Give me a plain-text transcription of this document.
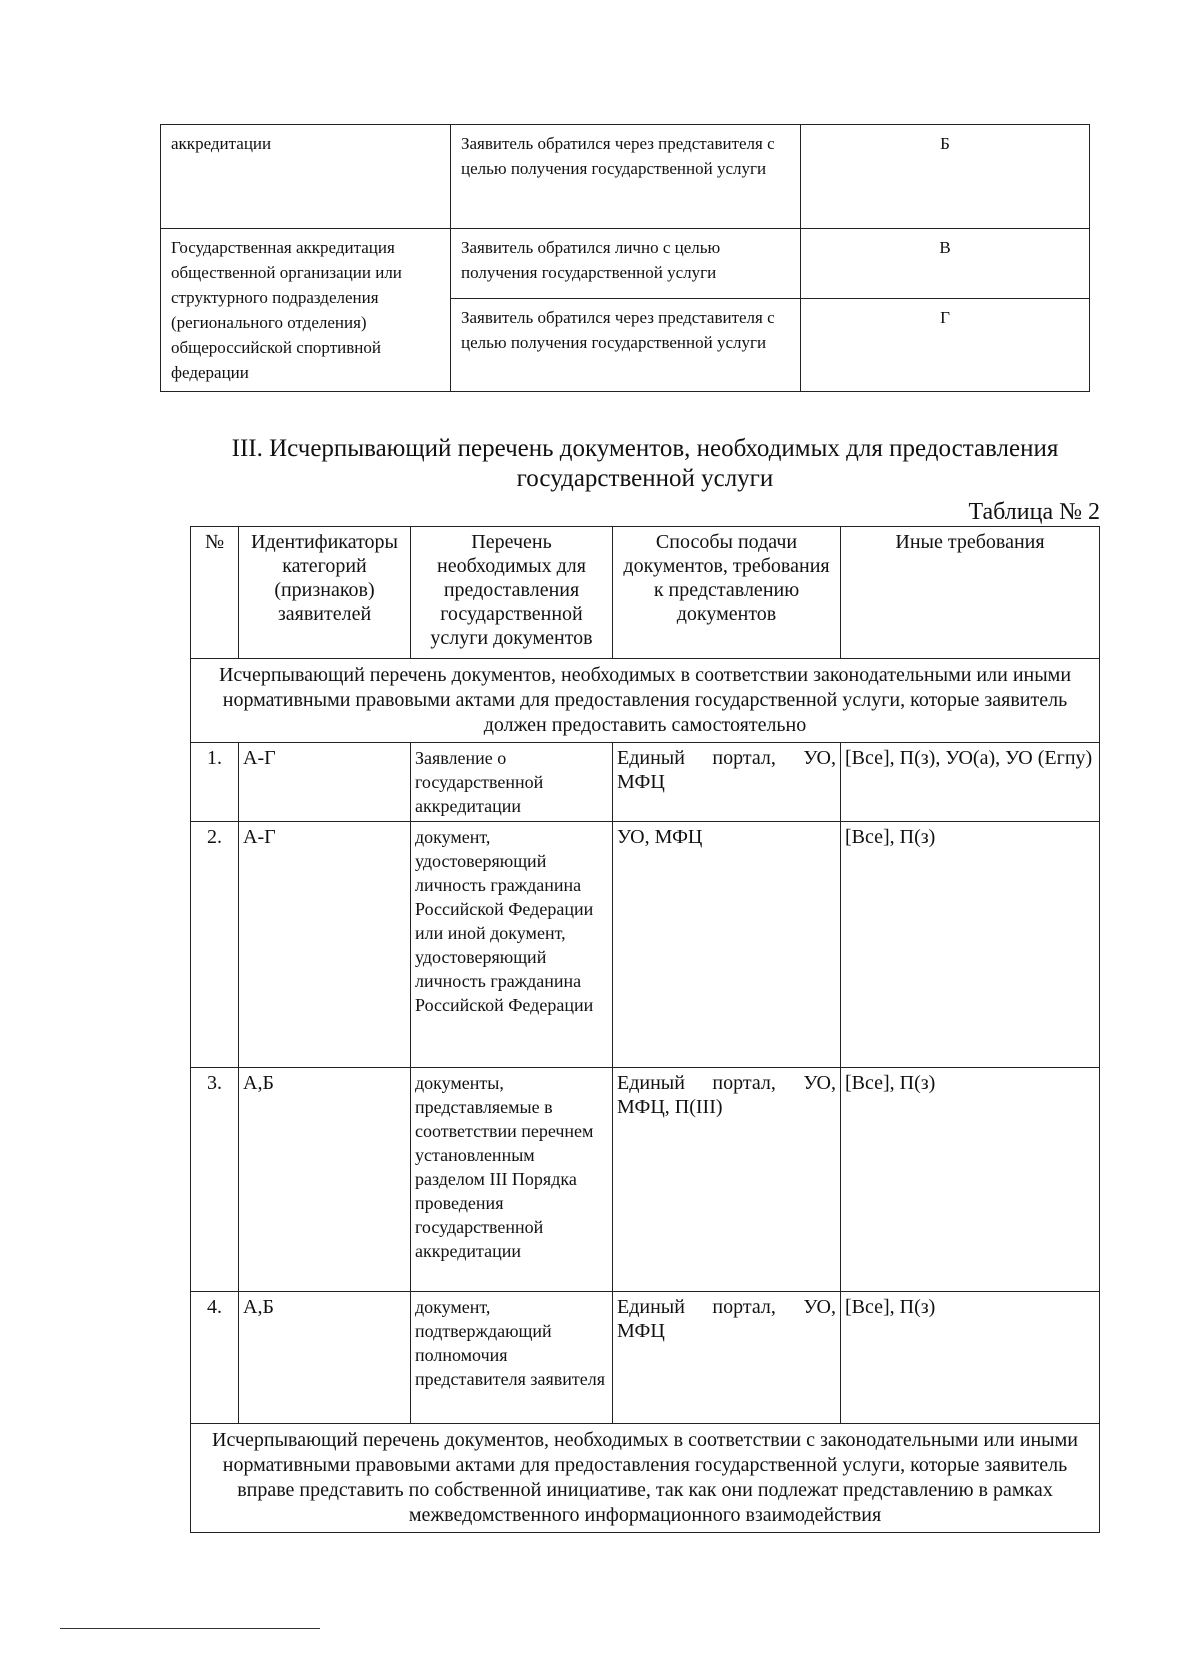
аккредитации	Заявитель обратился через представителя с целью получения государственной услуги	Б
Государственная аккредитация общественной организации или структурного подразделения (регионального отделения) общероссийской спортивной федерации	Заявитель обратился лично с целью получения государственной услуги	В
	Заявитель обратился через представителя с целью получения государственной услуги	Г
III. Исчерпывающий перечень документов, необходимых для предоставления государственной услуги
Таблица № 2
№	Идентификаторы категорий (признаков) заявителей	Перечень необходимых для предоставления государственной услуги документов	Способы подачи документов, требования к представлению документов	Иные требования
Исчерпывающий перечень документов, необходимых в соответствии законодательными или иными нормативными правовыми актами для предоставления государственной услуги, которые заявитель должен предоставить самостоятельно				
1.	А-Г	Заявление о государственной аккредитации	Единый портал, УО, МФЦ	[Все], П(з), УО(а), УО (Егпу)
2.	А-Г	документ, удостоверяющий личность гражданина Российской Федерации или иной документ, удостоверяющий личность гражданина Российской Федерации	УО, МФЦ	[Все], П(з)
3.	А,Б	документы, представляемые в соответствии перечнем установленным разделом III Порядка проведения государственной аккредитации	Единый портал, УО, МФЦ, П(III)	[Все], П(з)
4.	А,Б	документ, подтверждающий полномочия представителя заявителя	Единый портал, УО, МФЦ	[Все], П(з)
Исчерпывающий перечень документов, необходимых в соответствии с законодательными или иными нормативными правовыми актами для предоставления государственной услуги, которые заявитель вправе представить по собственной инициативе, так как они подлежат представлению в рамках межведомственного информационного взаимодействия				
